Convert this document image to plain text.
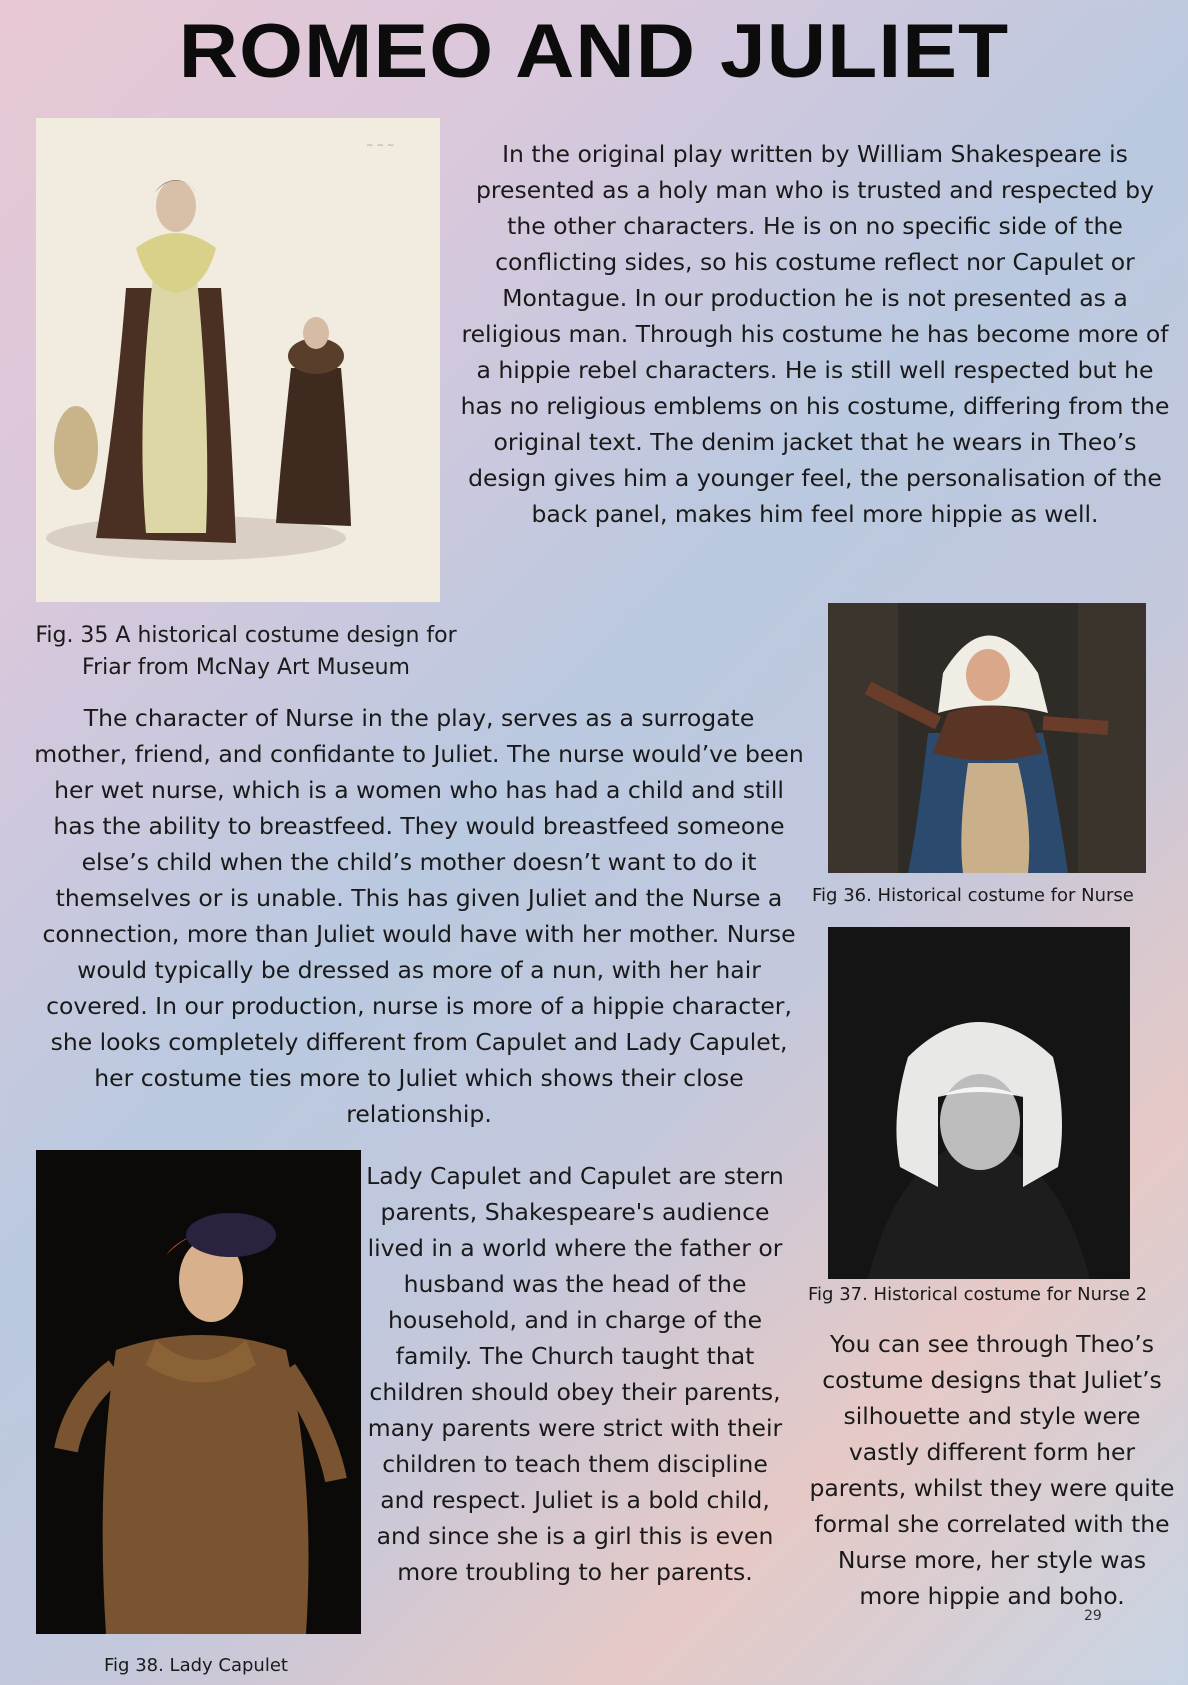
ROMEO AND JULIET
~ ~ ~	In the original play written by William Shakespeare is presented as a holy man who is trusted and respected by the other characters. He is on no specific side of the conflicting sides, so his costume reflect nor Capulet or Montague. In our production he is not presented as a religious man. Through his costume he has become more of a hippie rebel characters. He is still well respected but he has no religious emblems on his costume, differing from the original text. The denim jacket that he wears in Theo’s design gives him a younger feel, the personalisation of the back panel, makes him feel more hippie as well.

Fig. 35 A historical costume design for Friar from McNay Art Museum
Fig 36. Historical costume for Nurse

The character of Nurse in the play, serves as a surrogate mother, friend, and confidante to Juliet. The nurse would’ve been her wet nurse, which is a women who has had a child and still has the ability to breastfeed. They would breastfeed someone else’s child when the child’s mother doesn’t want to do it themselves or is unable. This has given Juliet and the Nurse a connection, more than Juliet would have with her mother. Nurse would typically be dressed as more of a nun, with her hair covered. In our production, nurse is more of a hippie character, she looks completely different from Capulet and Lady Capulet, her costume ties more to Juliet which shows their close relationship.

Fig 37. Historical costume for Nurse 2
Fig 38. Lady Capulet

Lady Capulet and Capulet are stern parents, Shakespeare's audience lived in a world where the father or husband was the head of the household, and in charge of the family. The Church taught that children should obey their parents, many parents were strict with their children to teach them discipline and respect. Juliet is a bold child, and since she is a girl this is even more troubling to her parents.

You can see through Theo’s costume designs that Juliet’s silhouette and style were vastly different form her parents, whilst they were quite formal she correlated with the Nurse more, her style was more hippie and boho.

29
